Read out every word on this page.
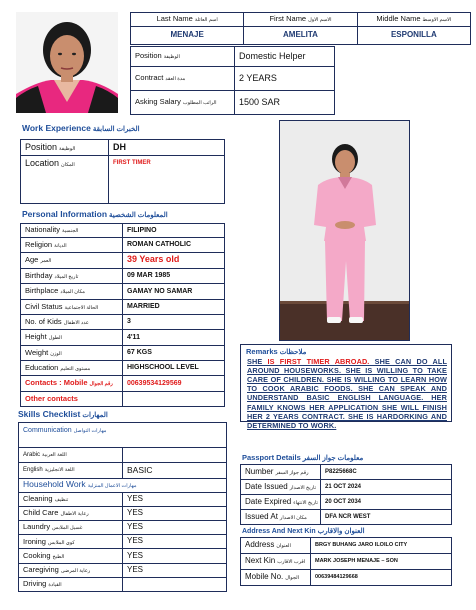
Last Name اسم العائلة	First Name الاسم الاول	Middle Name الاسم الاوسط
MENAJE	AMELITA	ESPONILLA
Position الوظيفة	Domestic Helper
Contract مدة العقد	2 YEARS
Asking Salary الراتب المطلوب	1500 SAR
Work Experience الخبرات السابقة
Position الوظيفة	DH
Location المكان	FIRST TIMER
Personal Information المعلومات الشخصية
Nationality الجنسية	FILIPINO
Religion الديانة	ROMAN CATHOLIC
Age العمر	39 Years old
Birthday تاريخ الميلاد	09 MAR 1985
Birthplace مكان الميلاد	GAMAY NO SAMAR
Civil Status الحالة الاجتماعية	MARRIED
No. of Kids عدد الاطفال	3
Height الطول	4'11
Weight الوزن	67 KGS
Education مستوى التعليم	HIGHSCHOOL LEVEL
Contacts : Mobile رقم الجوال	00639534129569
Other contacts	
Skills Checklist المهارات
Communication مهارات التواصل	
Arabic اللغة العربية	
English اللغة الانجليزية	BASIC
Household Work مهارات الاعمال المنزلية	
Cleaning تنظيف	YES
Child Care رعاية الاطفال	YES
Laundry غسيل الملابس	YES
Ironing كوي الملابس	YES
Cooking الطبخ	YES
Caregiving رعاية المرضى	YES
Driving القيادة	
Remarks ملاحظات
SHE IS FIRST TIMER ABROAD. SHE CAN DO ALL AROUND HOUSEWORKS. SHE IS WILLING TO TAKE CARE OF CHILDREN. SHE IS WILLING TO LEARN HOW TO COOK ARABIC FOODS. SHE CAN SPEAK AND UNDERSTAND BASIC ENGLISH LANGUAGE. HER FAMILY KNOWS HER APPLICATION SHE WILL FINISH HER 2 YEARS CONTRACT. SHE IS HARDORKING AND DETERMINED TO WORK.
Passport Details معلومات جواز السفر
Number رقم جواز السفر	P8225668C
Date Issued تاريخ الاصدار	21 OCT 2024
Date Expired تاريخ الانتهاء	20 OCT 2034
Issued At مكان الاصدار	DFA NCR WEST
Address And Next Kin العنوان والاقارب
Address العنوان	BRGY BUHANG JARO ILOILO CITY
Next Kin اقرب الاقارب	MARK JOSEPH MENAJE – SON
Mobile No. الجوال	00639484129668
